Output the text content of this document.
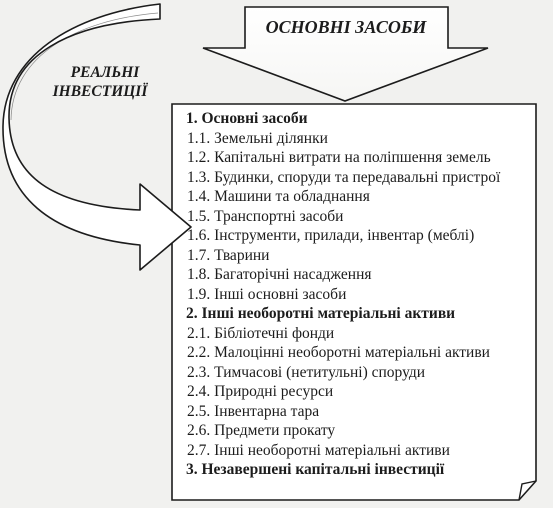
ОСНОВНІ ЗАСОБИ
РЕАЛЬНІ
ІНВЕСТИЦІЇ
1. Основні засоби
1.1. Земельні ділянки
1.2. Капітальні витрати на поліпшення земель
1.3. Будинки, споруди та передавальні пристрої
1.4. Машини та обладнання
1.5. Транспортні засоби
1.6. Інструменти, прилади, інвентар (меблі)
1.7. Тварини
1.8. Багаторічні насадження
1.9. Інші основні засоби
2. Інші необоротні матеріальні активи
2.1. Бібліотечні фонди
2.2. Малоцінні необоротні матеріальні активи
2.3. Тимчасові (нетитульні) споруди
2.4. Природні ресурси
2.5. Інвентарна тара
2.6. Предмети прокату
2.7. Інші необоротні матеріальні активи
3. Незавершені капітальні інвестиції
